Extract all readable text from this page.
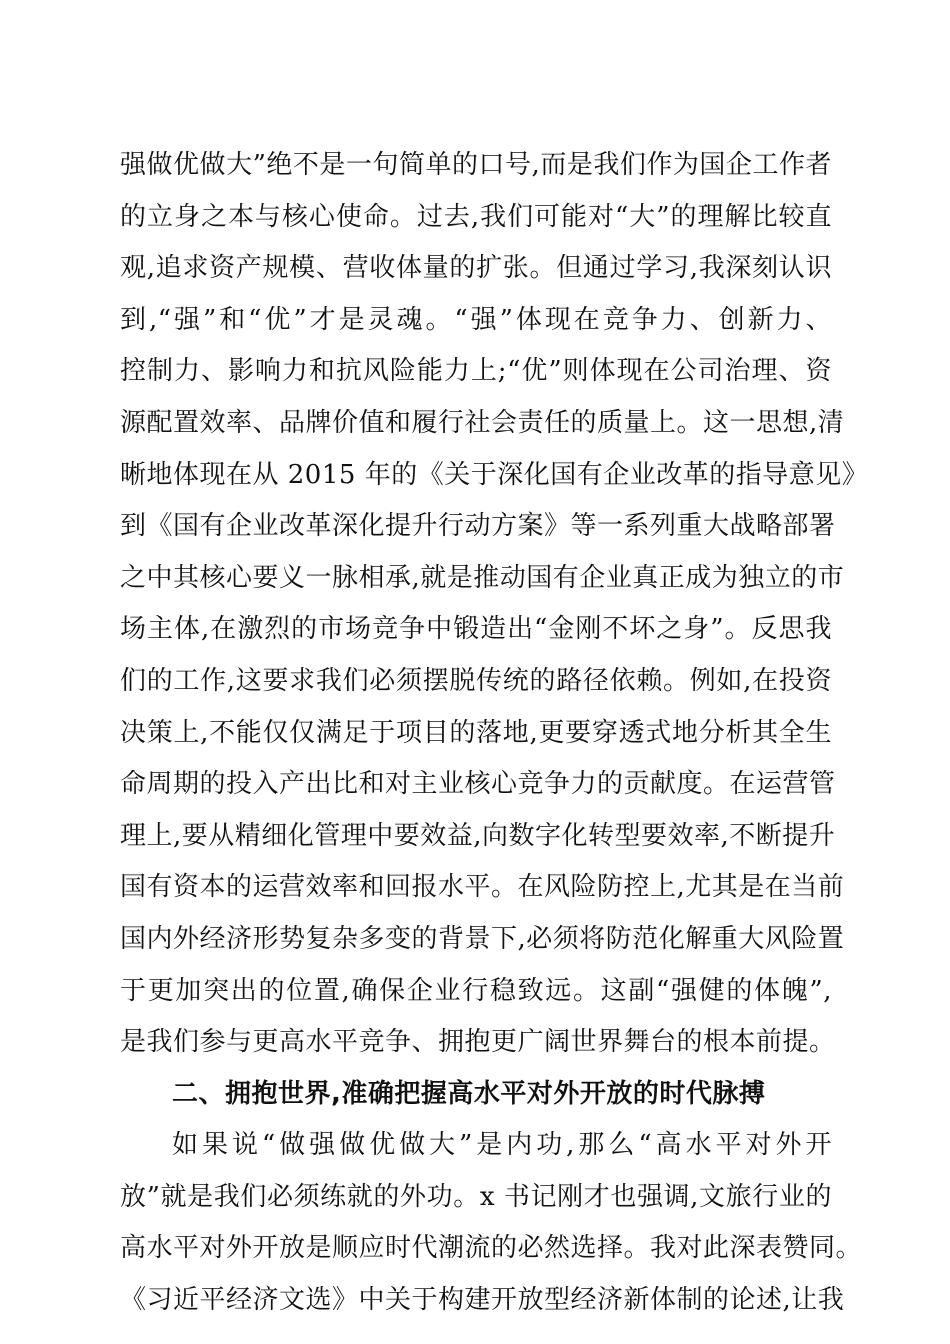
强做优做大”绝不是一句简单的口号,而是我们作为国企工作者
的立身之本与核心使命。过去,我们可能对“大”的理解比较直
观,追求资产规模、营收体量的扩张。但通过学习,我深刻认识
到,“强”和“优”才是灵魂。“强”体现在竞争力、创新力、
控制力、影响力和抗风险能力上;“优”则体现在公司治理、资
源配置效率、品牌价值和履行社会责任的质量上。这一思想,清
晰地体现在从 2015 年的《关于深化国有企业改革的指导意见》
到《国有企业改革深化提升行动方案》等一系列重大战略部署
之中其核心要义一脉相承,就是推动国有企业真正成为独立的市
场主体,在激烈的市场竞争中锻造出“金刚不坏之身”。反思我
们的工作,这要求我们必须摆脱传统的路径依赖。例如,在投资
决策上,不能仅仅满足于项目的落地,更要穿透式地分析其全生
命周期的投入产出比和对主业核心竞争力的贡献度。在运营管
理上,要从精细化管理中要效益,向数字化转型要效率,不断提升
国有资本的运营效率和回报水平。在风险防控上,尤其是在当前
国内外经济形势复杂多变的背景下,必须将防范化解重大风险置
于更加突出的位置,确保企业行稳致远。这副“强健的体魄”,
是我们参与更高水平竞争、拥抱更广阔世界舞台的根本前提。
二、拥抱世界,准确把握高水平对外开放的时代脉搏
如果说“做强做优做大”是内功,那么“高水平对外开
放”就是我们必须练就的外功。x 书记刚才也强调,文旅行业的
高水平对外开放是顺应时代潮流的必然选择。我对此深表赞同。
《习近平经济文选》中关于构建开放型经济新体制的论述,让我
